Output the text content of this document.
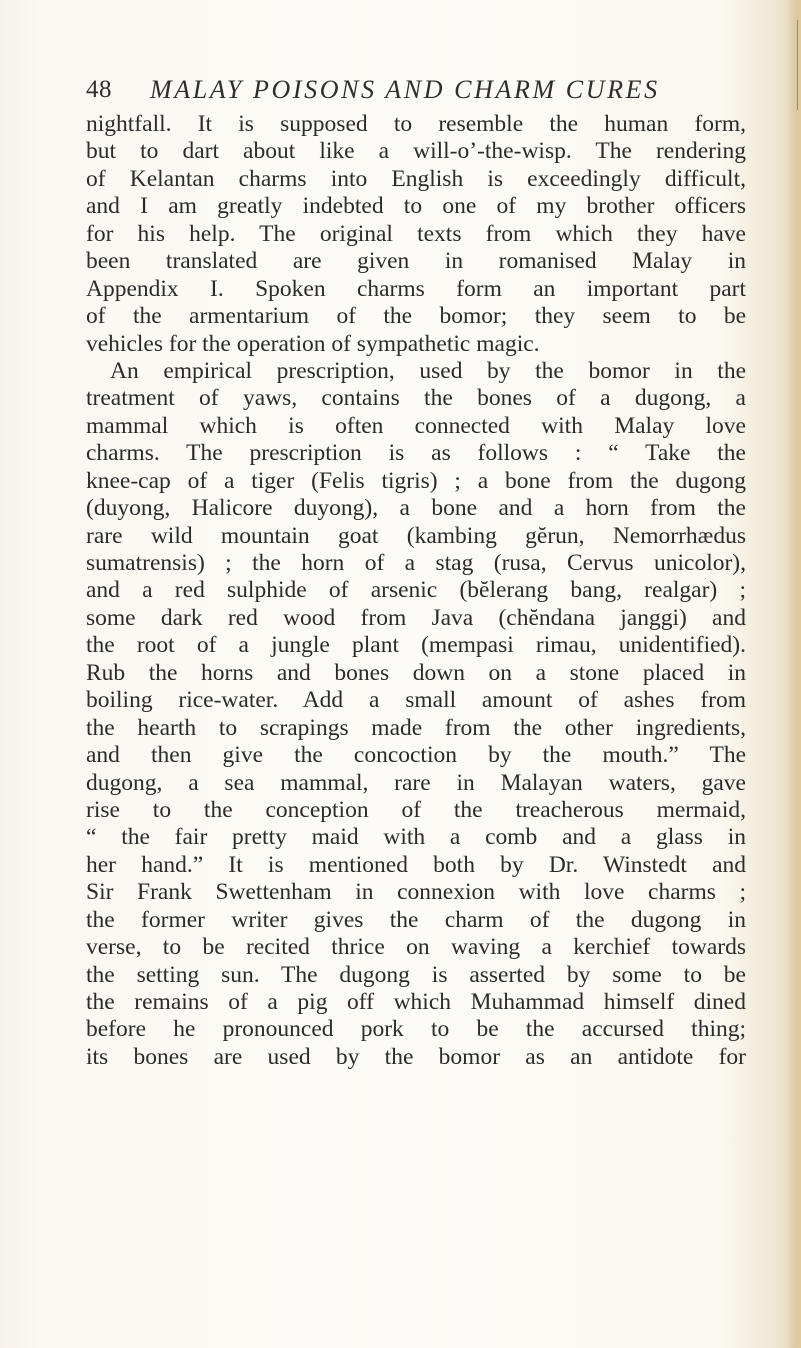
48 MALAY POISONS AND CHARM CURES
nightfall. It is supposed to resemble the human form,
but to dart about like a will-o’-the-wisp. The rendering
of Kelantan charms into English is exceedingly difficult,
and I am greatly indebted to one of my brother officers
for his help. The original texts from which they have
been translated are given in romanised Malay in
Appendix I. Spoken charms form an important part
of the armentarium of the bomor; they seem to be
vehicles for the operation of sympathetic magic.
An empirical prescription, used by the bomor in the
treatment of yaws, contains the bones of a dugong, a
mammal which is often connected with Malay love
charms. The prescription is as follows : “ Take the
knee-cap of a tiger (Felis tigris) ; a bone from the dugong
(duyong, Halicore duyong), a bone and a horn from the
rare wild mountain goat (kambing gĕrun, Nemorrhædus
sumatrensis) ; the horn of a stag (rusa, Cervus unicolor),
and a red sulphide of arsenic (bĕlerang bang, realgar) ;
some dark red wood from Java (chĕndana janggi) and
the root of a jungle plant (mempasi rimau, unidentified).
Rub the horns and bones down on a stone placed in
boiling rice-water. Add a small amount of ashes from
the hearth to scrapings made from the other ingredients,
and then give the concoction by the mouth.” The
dugong, a sea mammal, rare in Malayan waters, gave
rise to the conception of the treacherous mermaid,
“ the fair pretty maid with a comb and a glass in
her hand.” It is mentioned both by Dr. Winstedt and
Sir Frank Swettenham in connexion with love charms ;
the former writer gives the charm of the dugong in
verse, to be recited thrice on waving a kerchief towards
the setting sun. The dugong is asserted by some to be
the remains of a pig off which Muhammad himself dined
before he pronounced pork to be the accursed thing;
its bones are used by the bomor as an antidote for
